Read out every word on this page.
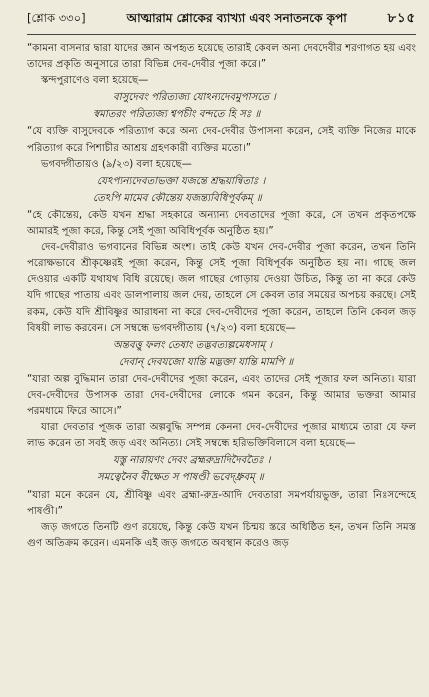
[শ্লোক ৩৩০]	আত্মারাম শ্লোকের ব্যাখ্যা এবং সনাতনকে কৃপা	৮১৫

“কামনা বাসনার দ্বারা যাদের জ্ঞান অপহৃত হয়েছে তারাই কেবল অন্য দেবদেবীর শরণাগত হয় এবং তাদের প্রকৃতি অনুসারে তারা বিভিন্ন দেব-দেবীর পূজা করে।”

স্কন্দপুরাণেও বলা হয়েছে—

বাসুদেবং পরিত্যজ্য যোঽন্যদেবমুপাসতে ।

স্বমাতরং পরিত্যজ্য শ্বপচীং বন্দতে হি সঃ ॥

“যে ব্যক্তি বাসুদেবকে পরিত্যাগ করে অন্য দেব-দেবীর উপাসনা করেন, সেই ব্যক্তি নিজের মাকে পরিত্যাগ করে পিশাচীর আশ্রয় গ্রহণকারী ব্যক্তির মতো।”

ভগবদ্গীতায়ও (৯/২৩) বলা হয়েছে—

যেঽপ্যন্যদেবতাভক্তা যজন্তে শ্রদ্ধয়ান্বিতাঃ ।

তেঽপি মামেব কৌন্তেয় যজন্ত্যবিধিপূর্বকম্ ॥

“হে কৌন্তেয়, কেউ যখন শ্রদ্ধা সহকারে অন্যান্য দেবতাদের পূজা করে, সে তখন প্রকৃতপক্ষে আমারই পূজা করে, কিন্তু সেই পূজা অবিধিপূর্বক অনুষ্ঠিত হয়।”

দেব-দেবীরাও ভগবানের বিভিন্ন অংশ। তাই কেউ যখন দেব-দেবীর পূজা করেন, তখন তিনি পরোক্ষভাবে শ্রীকৃষ্ণেরই পূজা করেন, কিন্তু সেই পূজা বিধিপূর্বক অনুষ্ঠিত হয় না। গাছে জল দেওয়ার একটি যথাযথ বিধি রয়েছে। জল গাছের গোড়ায় দেওয়া উচিত, কিন্তু তা না করে কেউ যদি গাছের পাতায় এবং ডালপালায় জল দেয়, তাহলে সে কেবল তার সময়ের অপচয় করছে। সেই রকম, কেউ যদি শ্রীবিষ্ণুর আরাধনা না করে দেব-দেবীদের পূজা করেন, তাহলে তিনি কেবল জড় বিষয়ী লাভ করবেন। সে সম্বন্ধে ভগবদ্গীতায় (৭/২৩) বলা হয়েছে—

অন্তবত্তু ফলং তেষাং তদ্ভবত্যল্পমেধসাম্ ।

দেবান্ দেবযজো যান্তি মদ্ভক্তা যান্তি মামপি ॥

“যারা অল্প বুদ্ধিমান তারা দেব-দেবীদের পূজা করেন, এবং তাদের সেই পূজার ফল অনিত্য। যারা দেব-দেবীদের উপাসক তারা দেব-দেবীদের লোকে গমন করেন, কিন্তু আমার ভক্তরা আমার পরমধামে ফিরে আসে।”

যারা দেবতার পূজক তারা অল্পবুদ্ধি সম্পন্ন কেননা দেব-দেবীদের পূজার মাধ্যমে তারা যে ফল লাভ করেন তা সবই জড় এবং অনিত্য। সেই সম্বন্ধে হরিভক্তিবিলাসে বলা হয়েছে—

যস্তু নারায়ণং দেবং ব্রহ্মরুদ্রাদিদৈবতৈঃ ।

সমত্বেনৈব বীক্ষেত স পাষণ্ডী ভবেদ্‌ধ্রুবম্ ॥

“যারা মনে করেন যে, শ্রীবিষ্ণু এবং ব্রহ্মা-রুদ্র-আদি দেবতারা সমপর্যায়ভুক্ত, তারা নিঃসন্দেহে পাষণ্ডী।”

জড় জগতে তিনটি গুণ রয়েছে, কিন্তু কেউ যখন চিন্ময় স্তরে অধিষ্ঠিত হন, তখন তিনি সমস্ত গুণ অতিক্রম করেন। এমনকি এই জড় জগতে অবস্থান করেও জড়
